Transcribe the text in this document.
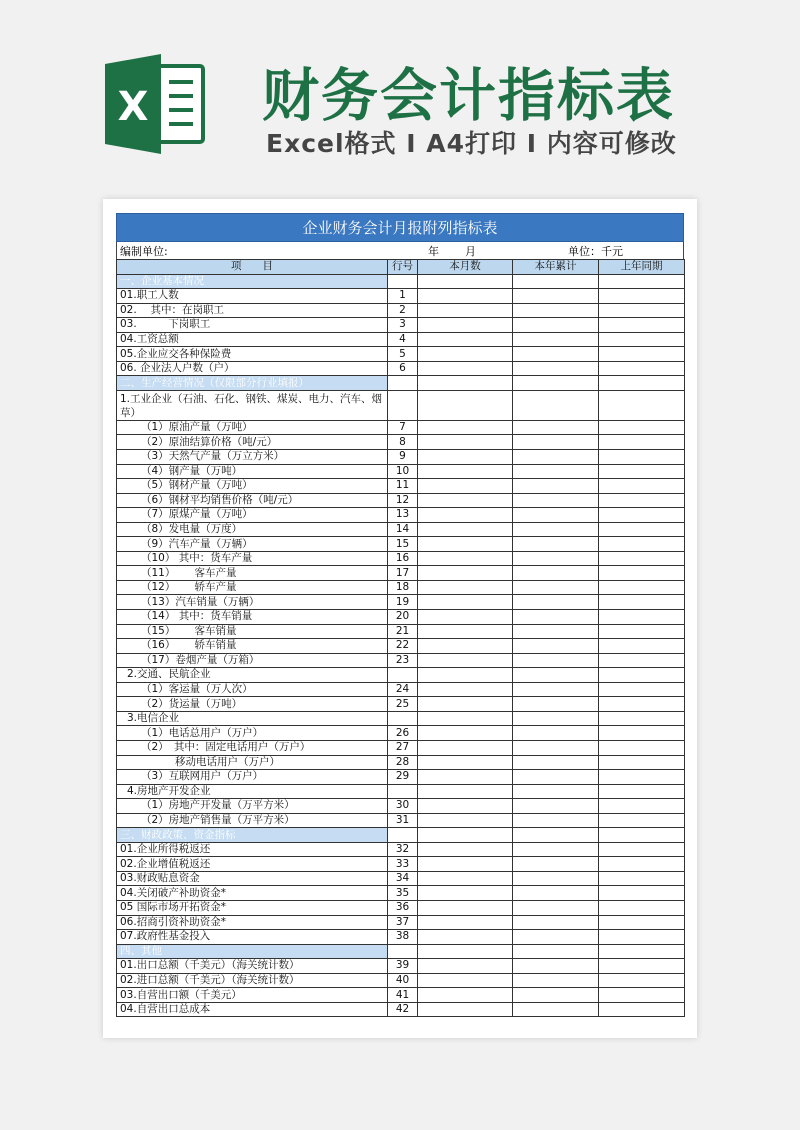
X 财务会计指标表
Excel格式 I A4打印 I 内容可修改
企业财务会计月报附列指标表
编制单位:	年 月	单位：千元
项　　目	行号	本月数	本年累计	上年同期
一、企业基本情况				
01.职工人数	1			
02.　 其中：在岗职工	2			
03.　　　下岗职工	3			
04.工资总额	4			
05.企业应交各种保险费	5			
06. 企业法人户数（户）	6			
二、生产经营情况（仅限部分行业填报）				
1.工业企业（石油、石化、钢铁、煤炭、电力、汽车、烟草）				
（1）原油产量（万吨）	7			
（2）原油结算价格（吨/元）	8			
（3）天然气产量（万立方米）	9			
（4）钢产量（万吨）	10			
（5）钢材产量（万吨）	11			
（6）钢材平均销售价格（吨/元）	12			
（7）原煤产量（万吨）	13			
（8）发电量（万度）	14			
（9）汽车产量（万辆）	15			
（10） 其中：货车产量	16			
（11）　　 客车产量	17			
（12）　　 轿车产量	18			
（13）汽车销量（万辆）	19			
（14） 其中：货车销量	20			
（15）　　 客车销量	21			
（16）　　 轿车销量	22			
（17）卷烟产量（万箱）	23			
2.交通、民航企业				
（1）客运量（万人次）	24			
（2）货运量（万吨）	25			
3.电信企业				
（1）电话总用户（万户）	26			
（2）　其中：固定电话用户（万户）	27			
移动电话用户（万户）	28			
（3）互联网用户（万户）	29			
4.房地产开发企业				
（1）房地产开发量（万平方米）	30			
（2）房地产销售量（万平方米）	31			
三、财政政策、资金指标				
01.企业所得税返还	32			
02.企业增值税返还	33			
03.财政贴息资金	34			
04.关闭破产补助资金*	35			
05 国际市场开拓资金*	36			
06.招商引资补助资金*	37			
07.政府性基金投入	38			
四、其他				
01.出口总额（千美元）（海关统计数）	39			
02.进口总额（千美元）（海关统计数）	40			
03.自营出口额（千美元）	41			
04.自营出口总成本	42			
